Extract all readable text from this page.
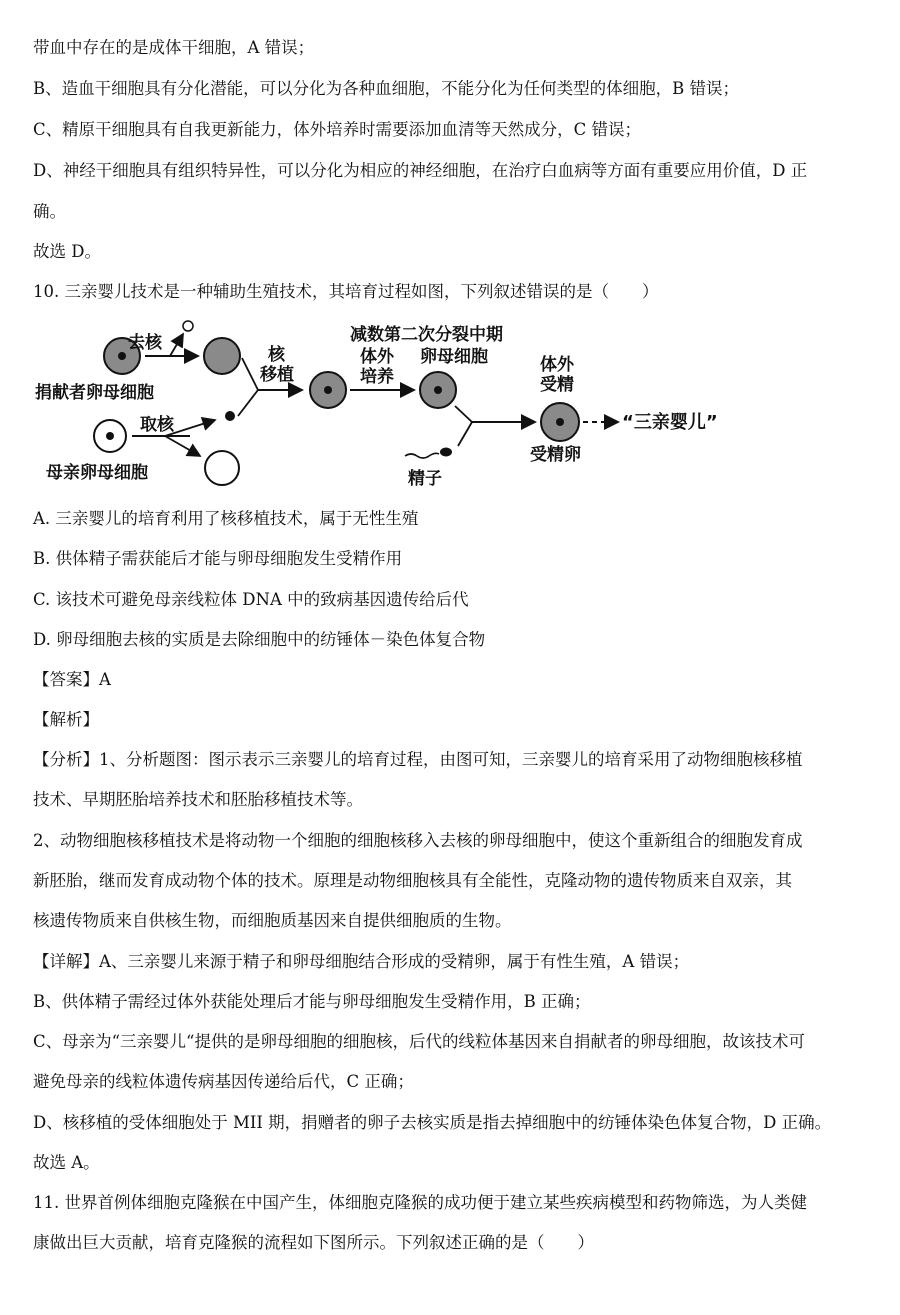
带血中存在的是成体干细胞，A 错误；
B、造血干细胞具有分化潜能，可以分化为各种血细胞，不能分化为任何类型的体细胞，B 错误；
C、精原干细胞具有自我更新能力，体外培养时需要添加血清等天然成分，C 错误；
D、神经干细胞具有组织特异性，可以分化为相应的神经细胞，在治疗白血病等方面有重要应用价值，D 正
确。
故选 D。
10. 三亲婴儿技术是一种辅助生殖技术，其培育过程如图，下列叙述错误的是（　　）
捐献者卵母细胞
去核
母亲卵母细胞
取核
核
移植
减数第二次分裂中期
体外
培养
卵母细胞
精子
体外
受精
受精卵
“三亲婴儿”
A. 三亲婴儿的培育利用了核移植技术，属于无性生殖
B. 供体精子需获能后才能与卵母细胞发生受精作用
C. 该技术可避免母亲线粒体 DNA 中的致病基因遗传给后代
D. 卵母细胞去核的实质是去除细胞中的纺锤体－染色体复合物
【答案】A
【解析】
【分析】1、分析题图：图示表示三亲婴儿的培育过程，由图可知，三亲婴儿的培育采用了动物细胞核移植
技术、早期胚胎培养技术和胚胎移植技术等。
2、动物细胞核移植技术是将动物一个细胞的细胞核移入去核的卵母细胞中，使这个重新组合的细胞发育成
新胚胎，继而发育成动物个体的技术。原理是动物细胞核具有全能性，克隆动物的遗传物质来自双亲，其
核遗传物质来自供核生物，而细胞质基因来自提供细胞质的生物。
【详解】A、三亲婴儿来源于精子和卵母细胞结合形成的受精卵，属于有性生殖，A 错误；
B、供体精子需经过体外获能处理后才能与卵母细胞发生受精作用，B 正确；
C、母亲为“三亲婴儿“提供的是卵母细胞的细胞核，后代的线粒体基因来自捐献者的卵母细胞，故该技术可
避免母亲的线粒体遗传病基因传递给后代，C 正确；
D、核移植的受体细胞处于 MII 期，捐赠者的卵子去核实质是指去掉细胞中的纺锤体染色体复合物，D 正确。
故选 A。
11. 世界首例体细胞克隆猴在中国产生，体细胞克隆猴的成功便于建立某些疾病模型和药物筛选，为人类健
康做出巨大贡献，培育克隆猴的流程如下图所示。下列叙述正确的是（　　）
